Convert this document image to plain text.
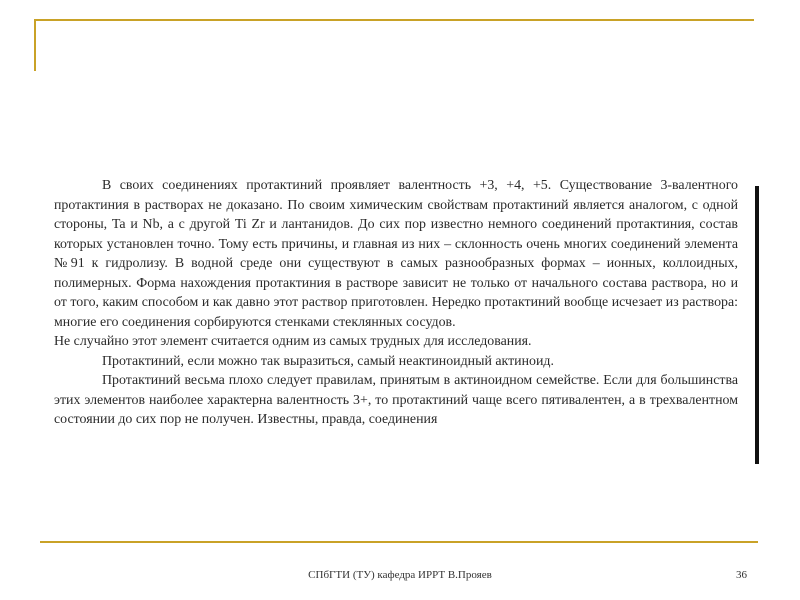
В своих соединениях протактиний проявляет валентность +3, +4, +5. Существование 3-валентного протактиния в растворах не доказано. По своим химическим свойствам протактиний является аналогом, с одной стороны, Ta и Nb, а с другой Ti Zr и лантанидов. До сих пор известно немного соединений протактиния, состав которых установлен точно. Тому есть причины, и главная из них – склонность очень многих соединений элемента №91 к гидролизу. В водной среде они существуют в самых разнообразных формах – ионных, коллоидных, полимерных. Форма нахождения протактиния в растворе зависит не только от начального состава раствора, но и от того, каким способом и как давно этот раствор приготовлен. Нередко протактиний вообще исчезает из раствора: многие его соединения сорбируются стенками стеклянных сосудов.

Не случайно этот элемент считается одним из самых трудных для исследования.

Протактиний, если можно так выразиться, самый неактиноидный актиноид.

Протактиний весьма плохо следует правилам, принятым в актиноидном семействе. Если для большинства этих элементов наиболее характерна валентность 3+, то протактиний чаще всего пятивалентен, а в трехвалентном состоянии до сих пор не получен. Известны, правда, соединения

СПбГТИ (ТУ) кафедра ИРРТ В.Прояев	36
